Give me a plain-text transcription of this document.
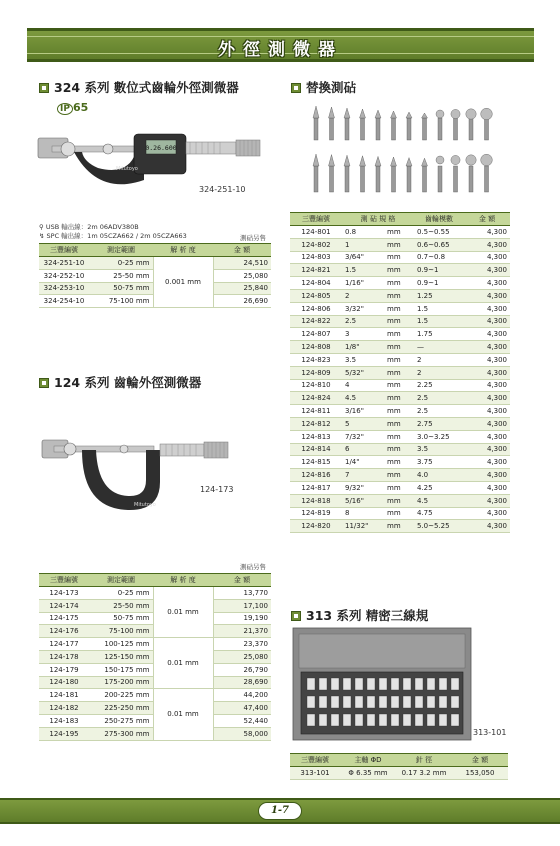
外徑測微器
324 系列 數位式齒輪外徑測微器
IP 65
0.26.600
Mitutoyo
324-251-10
⚲ USB 輸出線：2m 06ADV380B
↯ SPC 輸出線：1m 05CZA662 / 2m 05CZA663	測砧另售
三豐編號	測定範圍	解 析 度	金 額
324-251-10	0-25 mm	0.001 mm	24,510
324-252-10	25-50 mm		25,080
324-253-10	50-75 mm		25,840
324-254-10	75-100 mm		26,690
124 系列 齒輪外徑測微器
Mitutoyo
124-173
測砧另售
三豐編號	測定範圍	解 析 度	金 額
124-173	0-25 mm	0.01 mm	13,770
124-174	25-50 mm		17,100
124-175	50-75 mm		19,190
124-176	75-100 mm		21,370
124-177	100-125 mm	0.01 mm	23,370
124-178	125-150 mm		25,080
124-179	150-175 mm		26,790
124-180	175-200 mm		28,690
124-181	200-225 mm	0.01 mm	44,200
124-182	225-250 mm		47,400
124-183	250-275 mm		52,440
124-195	275-300 mm		58,000
替換測砧
三豐編號	測 砧 規 格		齒輪模數	金 額
124-801	0.8	mm	0.5~0.55	4,300
124-802	1	mm	0.6~0.65	4,300
124-803	3/64"	mm	0.7~0.8	4,300
124-821	1.5	mm	0.9~1	4,300
124-804	1/16"	mm	0.9~1	4,300
124-805	2	mm	1.25	4,300
124-806	3/32"	mm	1.5	4,300
124-822	2.5	mm	1.5	4,300
124-807	3	mm	1.75	4,300
124-808	1/8"	mm	—	4,300
124-823	3.5	mm	2	4,300
124-809	5/32"	mm	2	4,300
124-810	4	mm	2.25	4,300
124-824	4.5	mm	2.5	4,300
124-811	3/16"	mm	2.5	4,300
124-812	5	mm	2.75	4,300
124-813	7/32"	mm	3.0~3.25	4,300
124-814	6	mm	3.5	4,300
124-815	1/4"	mm	3.75	4,300
124-816	7	mm	4.0	4,300
124-817	9/32"	mm	4.25	4,300
124-818	5/16"	mm	4.5	4,300
124-819	8	mm	4.75	4,300
124-820	11/32"	mm	5.0~5.25	4,300
313 系列 精密三線規
313-101
三豐編號	主軸 ΦD	針 徑	金 額
313-101	Φ 6.35 mm	0.17 3.2 mm	153,050
1-7
